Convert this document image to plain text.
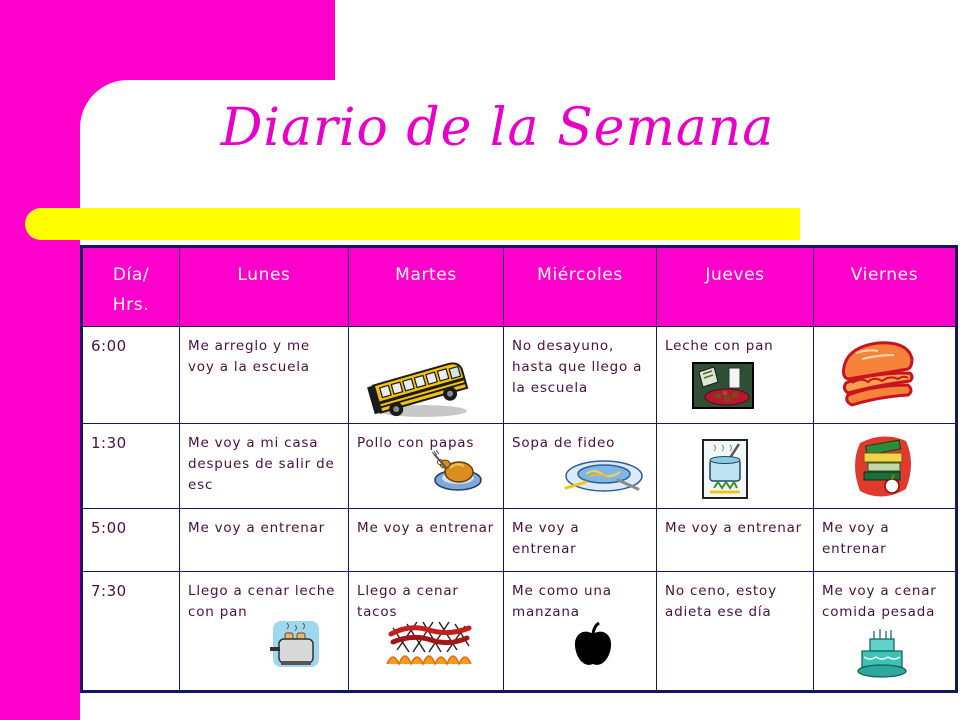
Diario de la Semana
Día/
Hrs.	Lunes	Martes	Miércoles	Jueves	Viernes
6:00	Me arreglo y me voy a la escuela		No desayuno, hasta que llego a la escuela	Leche con pan

1:30	Me voy a mi casa despues de salir de esc	Pollo con papas	Sopa de fideo

5:00	Me voy a entrenar	Me voy a entrenar	Me voy a entrenar	Me voy a entrenar	Me voy a entrenar

7:30	Llego a cenar leche con pan	Llego a cenar tacos	Me como una manzana	No ceno, estoy adieta ese día	Me voy a cenar comida pesada
